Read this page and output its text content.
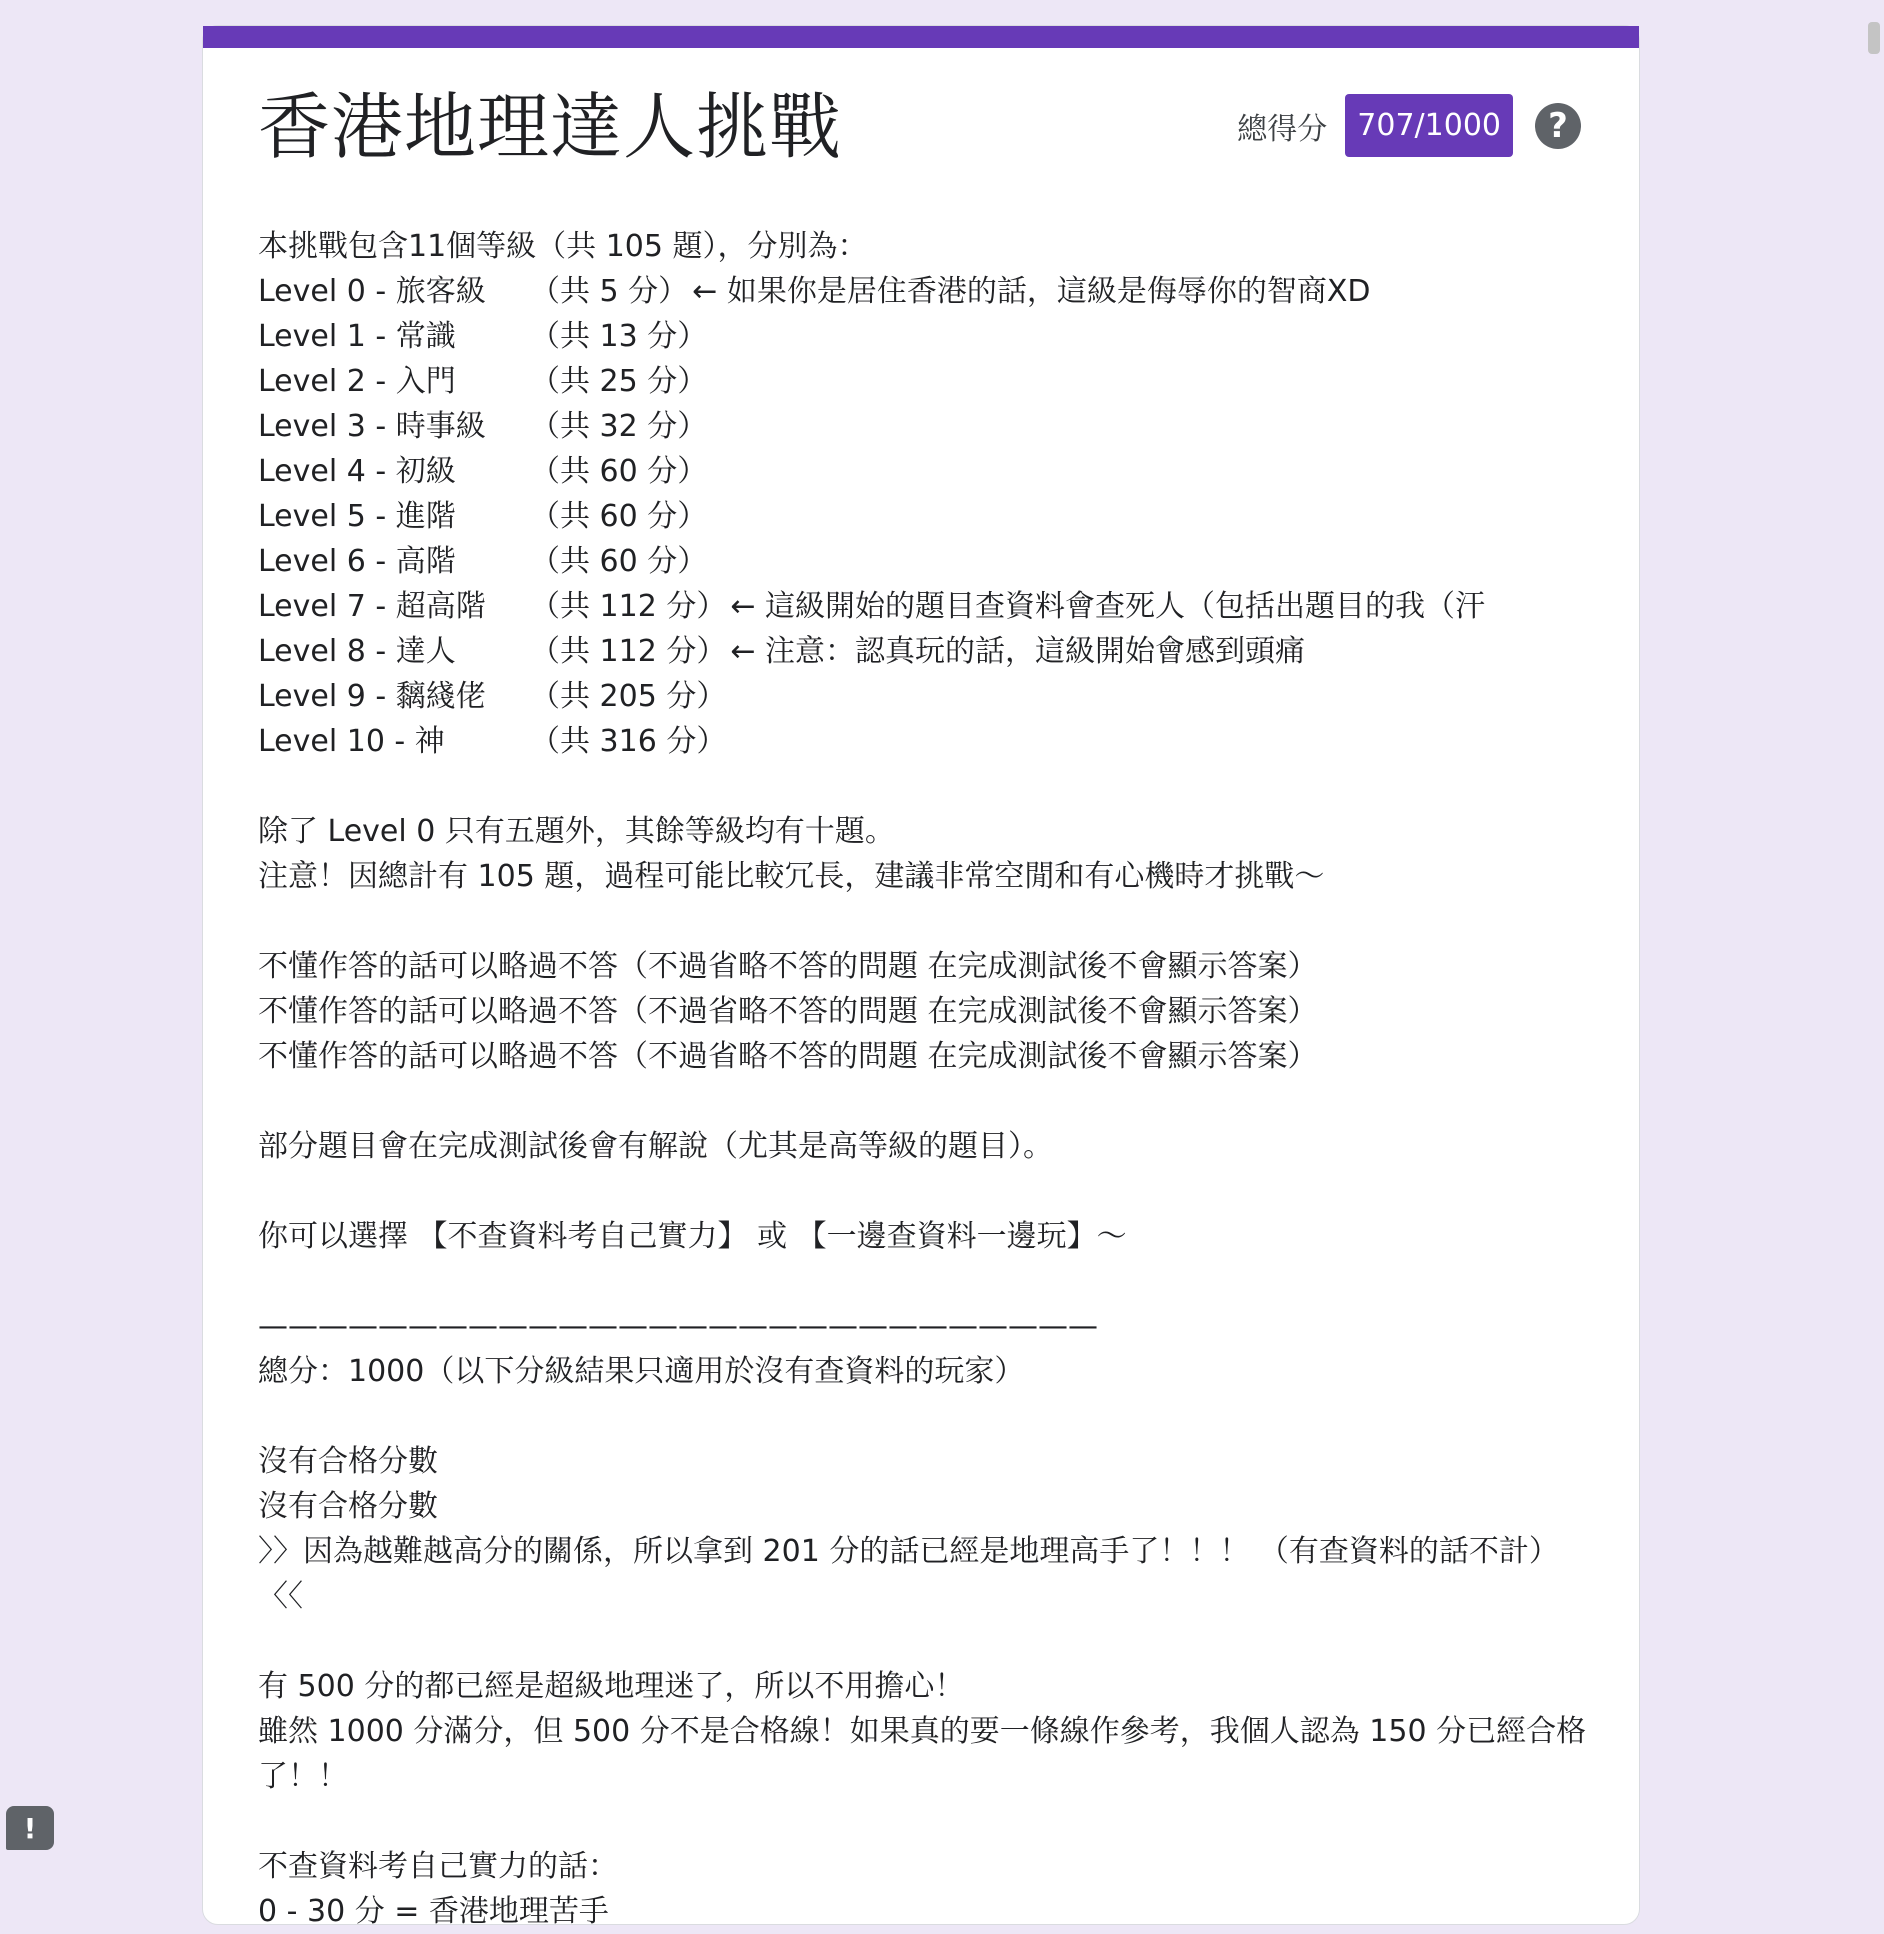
香港地理達人挑戰	總得分	707/1000	?
本挑戰包含11個等級（共 105 題），分別為：
Level 0 - 旅客級	（共 5 分） ← 如果你是居住香港的話，這級是侮辱你的智商XD
Level 1 - 常識	（共 13 分）
Level 2 - 入門	（共 25 分）
Level 3 - 時事級	（共 32 分）
Level 4 - 初級	（共 60 分）
Level 5 - 進階	（共 60 分）
Level 6 - 高階	（共 60 分）
Level 7 - 超高階	（共 112 分） ← 這級開始的題目查資料會查死人（包括出題目的我（汗
Level 8 - 達人	（共 112 分） ← 注意：認真玩的話，這級開始會感到頭痛
Level 9 - 黐綫佬	（共 205 分）
Level 10 - 神	（共 316 分）
除了 Level 0 只有五題外，其餘等級均有十題。
注意！因總計有 105 題，過程可能比較冗長，建議非常空閒和有心機時才挑戰～
不懂作答的話可以略過不答（不過省略不答的問題 在完成測試後不會顯示答案）
不懂作答的話可以略過不答（不過省略不答的問題 在完成測試後不會顯示答案）
不懂作答的話可以略過不答（不過省略不答的問題 在完成測試後不會顯示答案）
部分題目會在完成測試後會有解說（尤其是高等級的題目）。
你可以選擇 【不查資料考自己實力】 或 【一邊查資料一邊玩】～
————————————————————————————
總分：1000（以下分級結果只適用於沒有查資料的玩家）
沒有合格分數
沒有合格分數
〉〉因為越難越高分的關係，所以拿到 201 分的話已經是地理高手了！！！ （有查資料的話不計）〈〈
有 500 分的都已經是超級地理迷了，所以不用擔心！
雖然 1000 分滿分，但 500 分不是合格線！如果真的要一條線作參考，我個人認為 150 分已經合格了！！
不查資料考自己實力的話：
0 - 30 分 = 香港地理苦手
!
